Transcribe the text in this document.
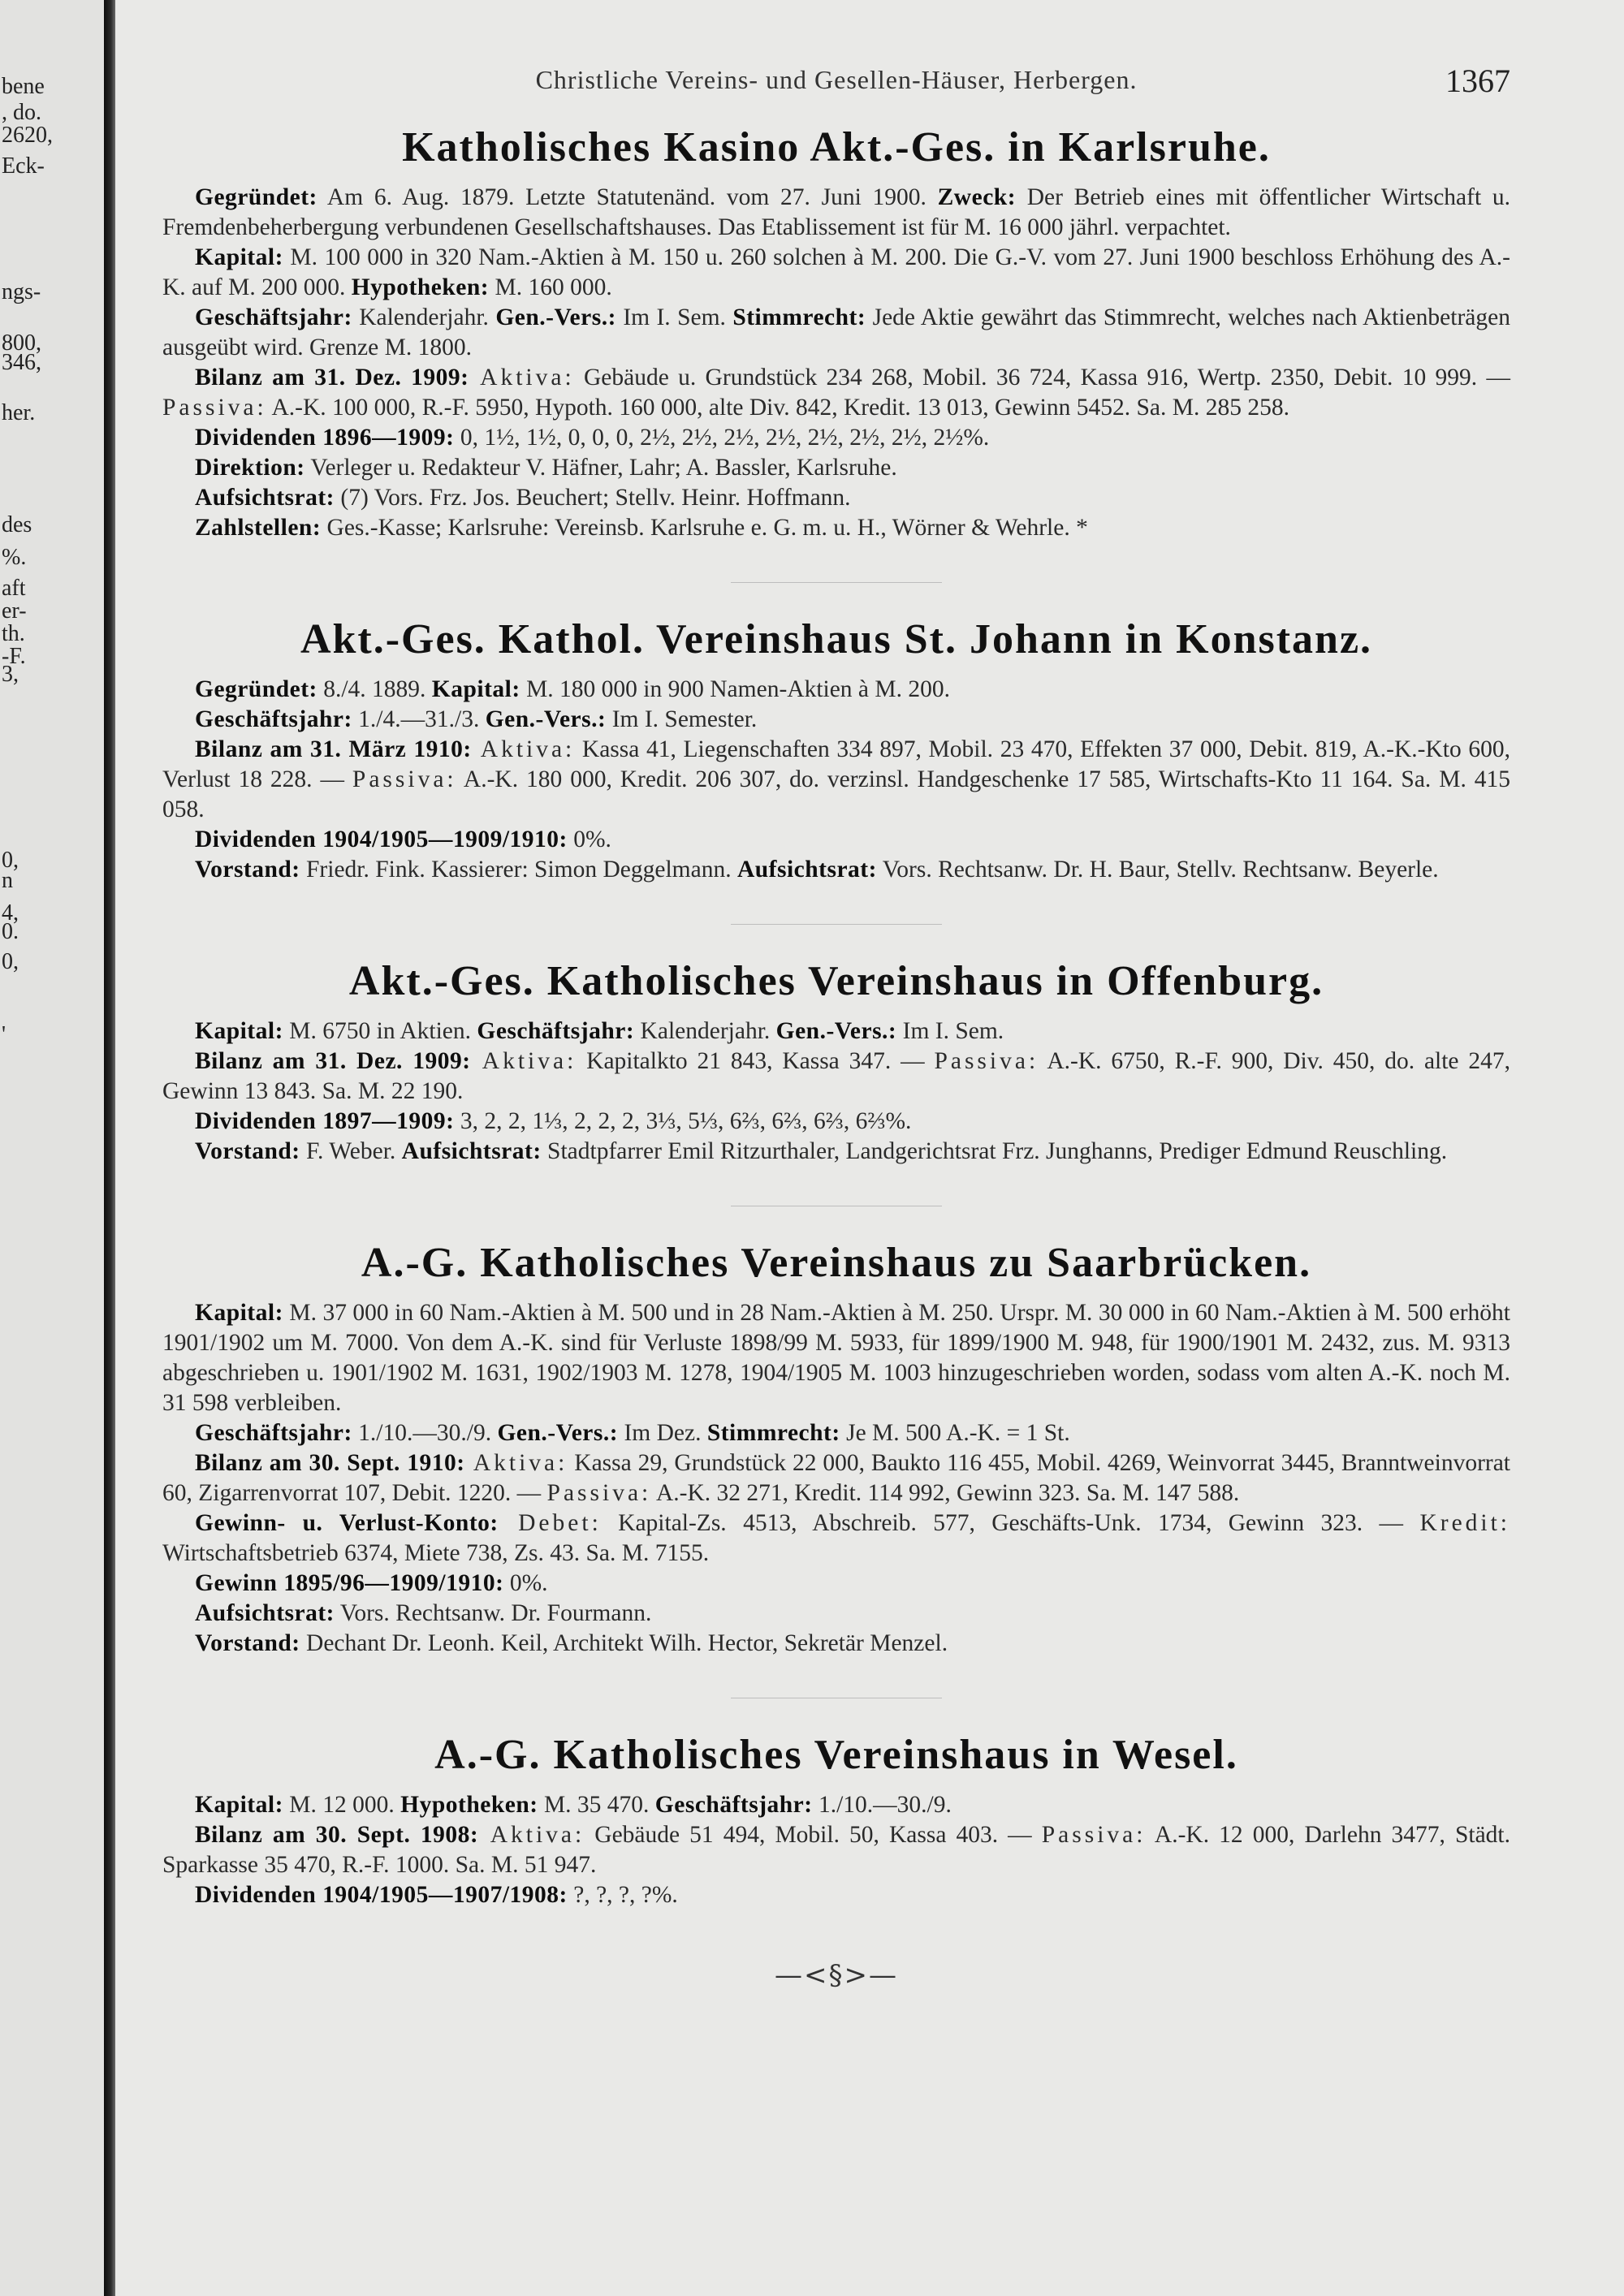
bene
, do.
2620,
Eck-
ngs-
800,
346,
her.
des
%.
aft
er-
th.
-F.
3,
0,
n
4,
0.
0,
'
Christliche Vereins- und Gesellen-Häuser, Herbergen.	1367
Katholisches Kasino Akt.-Ges. in Karlsruhe.

Gegründet: Am 6. Aug. 1879. Letzte Statutenänd. vom 27. Juni 1900. Zweck: Der Betrieb eines mit öffentlicher Wirtschaft u. Fremdenbeherbergung verbundenen Gesellschaftshauses. Das Etablissement ist für M. 16 000 jährl. verpachtet.

Kapital: M. 100 000 in 320 Nam.-Aktien à M. 150 u. 260 solchen à M. 200. Die G.-V. vom 27. Juni 1900 beschloss Erhöhung des A.-K. auf M. 200 000. Hypotheken: M. 160 000.

Geschäftsjahr: Kalenderjahr. Gen.-Vers.: Im I. Sem. Stimmrecht: Jede Aktie gewährt das Stimmrecht, welches nach Aktienbeträgen ausgeübt wird. Grenze M. 1800.

Bilanz am 31. Dez. 1909: Aktiva: Gebäude u. Grundstück 234 268, Mobil. 36 724, Kassa 916, Wertp. 2350, Debit. 10 999. — Passiva: A.-K. 100 000, R.-F. 5950, Hypoth. 160 000, alte Div. 842, Kredit. 13 013, Gewinn 5452. Sa. M. 285 258.

Dividenden 1896—1909: 0, 1½, 1½, 0, 0, 0, 2½, 2½, 2½, 2½, 2½, 2½, 2½, 2½%.

Direktion: Verleger u. Redakteur V. Häfner, Lahr; A. Bassler, Karlsruhe.

Aufsichtsrat: (7) Vors. Frz. Jos. Beuchert; Stellv. Heinr. Hoffmann.

Zahlstellen: Ges.-Kasse; Karlsruhe: Vereinsb. Karlsruhe e. G. m. u. H., Wörner & Wehrle. *

Akt.-Ges. Kathol. Vereinshaus St. Johann in Konstanz.

Gegründet: 8./4. 1889. Kapital: M. 180 000 in 900 Namen-Aktien à M. 200.

Geschäftsjahr: 1./4.—31./3. Gen.-Vers.: Im I. Semester.

Bilanz am 31. März 1910: Aktiva: Kassa 41, Liegenschaften 334 897, Mobil. 23 470, Effekten 37 000, Debit. 819, A.-K.-Kto 600, Verlust 18 228. — Passiva: A.-K. 180 000, Kredit. 206 307, do. verzinsl. Handgeschenke 17 585, Wirtschafts-Kto 11 164. Sa. M. 415 058.

Dividenden 1904/1905—1909/1910: 0%.

Vorstand: Friedr. Fink. Kassierer: Simon Deggelmann. Aufsichtsrat: Vors. Rechtsanw. Dr. H. Baur, Stellv. Rechtsanw. Beyerle.

Akt.-Ges. Katholisches Vereinshaus in Offenburg.

Kapital: M. 6750 in Aktien. Geschäftsjahr: Kalenderjahr. Gen.-Vers.: Im I. Sem.

Bilanz am 31. Dez. 1909: Aktiva: Kapitalkto 21 843, Kassa 347. — Passiva: A.-K. 6750, R.-F. 900, Div. 450, do. alte 247, Gewinn 13 843. Sa. M. 22 190.

Dividenden 1897—1909: 3, 2, 2, 1⅓, 2, 2, 2, 3⅓, 5⅓, 6⅔, 6⅔, 6⅔, 6⅔%.

Vorstand: F. Weber. Aufsichtsrat: Stadtpfarrer Emil Ritzurthaler, Landgerichtsrat Frz. Junghanns, Prediger Edmund Reuschling.

A.-G. Katholisches Vereinshaus zu Saarbrücken.

Kapital: M. 37 000 in 60 Nam.-Aktien à M. 500 und in 28 Nam.-Aktien à M. 250. Urspr. M. 30 000 in 60 Nam.-Aktien à M. 500 erhöht 1901/1902 um M. 7000. Von dem A.-K. sind für Verluste 1898/99 M. 5933, für 1899/1900 M. 948, für 1900/1901 M. 2432, zus. M. 9313 abgeschrieben u. 1901/1902 M. 1631, 1902/1903 M. 1278, 1904/1905 M. 1003 hinzugeschrieben worden, sodass vom alten A.-K. noch M. 31 598 verbleiben.

Geschäftsjahr: 1./10.—30./9. Gen.-Vers.: Im Dez. Stimmrecht: Je M. 500 A.-K. = 1 St.

Bilanz am 30. Sept. 1910: Aktiva: Kassa 29, Grundstück 22 000, Baukto 116 455, Mobil. 4269, Weinvorrat 3445, Branntweinvorrat 60, Zigarrenvorrat 107, Debit. 1220. — Passiva: A.-K. 32 271, Kredit. 114 992, Gewinn 323. Sa. M. 147 588.

Gewinn- u. Verlust-Konto: Debet: Kapital-Zs. 4513, Abschreib. 577, Geschäfts-Unk. 1734, Gewinn 323. — Kredit: Wirtschaftsbetrieb 6374, Miete 738, Zs. 43. Sa. M. 7155.

Gewinn 1895/96—1909/1910: 0%.

Aufsichtsrat: Vors. Rechtsanw. Dr. Fourmann.

Vorstand: Dechant Dr. Leonh. Keil, Architekt Wilh. Hector, Sekretär Menzel.

A.-G. Katholisches Vereinshaus in Wesel.

Kapital: M. 12 000. Hypotheken: M. 35 470. Geschäftsjahr: 1./10.—30./9.

Bilanz am 30. Sept. 1908: Aktiva: Gebäude 51 494, Mobil. 50, Kassa 403. — Passiva: A.-K. 12 000, Darlehn 3477, Städt. Sparkasse 35 470, R.-F. 1000. Sa. M. 51 947.

Dividenden 1904/1905—1907/1908: ?, ?, ?, ?%.

—<§>—
